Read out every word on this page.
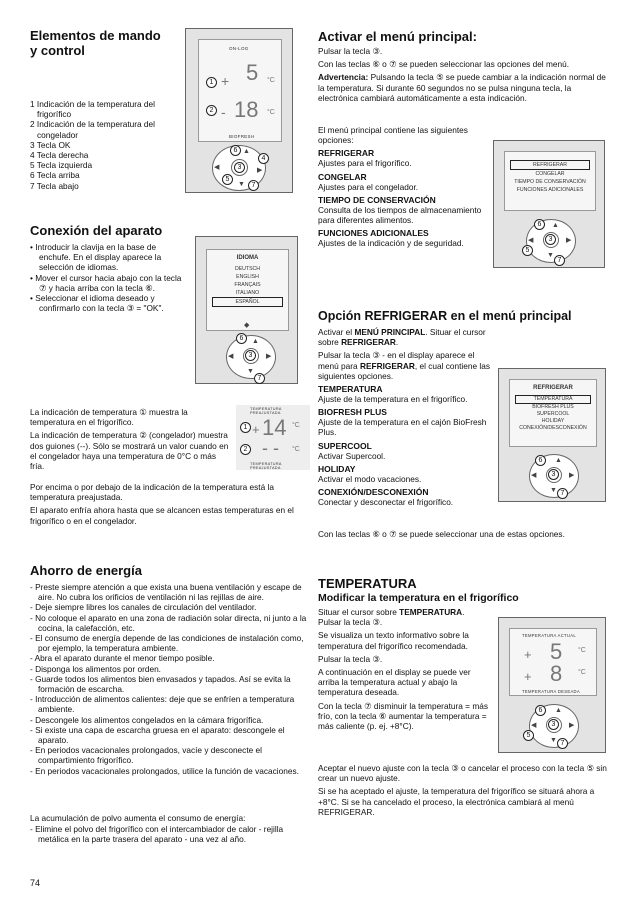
Elementos de mando
y control
1 Indicación de la temperatura del frigorífico
2 Indicación de la temperatura del congelador
3 Tecla OK
4 Tecla derecha
5 Tecla izquierda
6 Tecla arriba
7 Tecla abajo
ON-LOG
+ 5 °C
- 18 °C
BIOFRESH
1
2
3
6
4
5
7
▲
◀	▶
▼
Conexión del aparato
• Introducir la clavija en la base de enchufe. En el display aparece la selección de idiomas.
• Mover el cursor hacia abajo con la tecla ⑦ y hacia arriba con la tecla ⑥.
• Seleccionar el idioma deseado y confirmarlo con la tecla ③ = "OK".
IDIOMA
DEUTSCH
ENGLISH
FRANÇAIS
ITALIANO
ESPAÑOL
◆
3
6
7
▲
◀	▶
▼
La indicación de temperatura ① muestra la temperatura en el frigorífico.
La indicación de temperatura ② (congelador) muestra dos guiones (--). Sólo se mostrará un valor cuando en el congelador haya una temperatura de 0°C o más fría.
Por encima o por debajo de la indicación de la temperatura está la temperatura preajustada.
El aparato enfría ahora hasta que se alcancen estas temperaturas en el frigorífico o en el congelador.
TEMPERATURA PREAJUSTADA
1 + 14 °C
2 - - °C
TEMPERATURA PREAJUSTADA
Ahorro de energía
- Preste siempre atención a que exista una buena ventilación y escape de aire. No cubra los orificios de ventilación ni las rejillas de aire.
- Deje siempre libres los canales de circulación del ventilador.
- No coloque el aparato en una zona de radiación solar directa, ni junto a la cocina, la calefacción, etc.
- El consumo de energía depende de las condiciones de instalación como, por ejemplo, la temperatura ambiente.
- Abra el aparato durante el menor tiempo posible.
- Disponga los alimentos por orden.
- Guarde todos los alimentos bien envasados y tapados. Así se evita la formación de escarcha.
- Introducción de alimentos calientes: deje que se enfríen a temperatura ambiente.
- Descongele los alimentos congelados en la cámara frigorífica.
- Si existe una capa de escarcha gruesa en el aparato: descongele el aparato.
- En periodos vacacionales prolongados, vacíe y desconecte el compartimiento frigorífico.
- En periodos vacacionales prolongados, utilice la función de vacaciones.
La acumulación de polvo aumenta el consumo de energía:
- Elimine el polvo del frigorífico con el intercambiador de calor - rejilla metálica en la parte trasera del aparato - una vez al año.
74
Activar el menú principal:
Pulsar la tecla ③.
Con las teclas ⑥ o ⑦ se pueden seleccionar las opciones del menú.
Advertencia: Pulsando la tecla ⑤ se puede cambiar a la indicación normal de la temperatura. Si durante 60 segundos no se pulsa ninguna tecla, la electrónica cambiará automáticamente a esta indicación.
El menú principal contiene las siguientes opciones:
REFRIGERAR
Ajustes para el frigorífico.
CONGELAR
Ajustes para el congelador.
TIEMPO DE CONSERVACIÓN
Consulta de los tiempos de almacenamiento para diferentes alimentos.
FUNCIONES ADICIONALES
Ajustes de la indicación y de seguridad.
REFRIGERAR
CONGELAR
TIEMPO DE CONSERVACIÓN
FUNCIONES ADICIONALES
3
6
5
7
▲
◀	▶
▼
Opción REFRIGERAR en el menú principal
Activar el MENÚ PRINCIPAL. Situar el cursor sobre REFRIGERAR.
Pulsar la tecla ③ - en el display aparece el menú para REFRIGERAR, el cual contiene las siguientes opciones.
TEMPERATURA
Ajuste de la temperatura en el frigorífico.
BIOFRESH PLUS
Ajuste de la temperatura en el cajón BioFresh Plus.
SUPERCOOL
Activar Supercool.
HOLIDAY
Activar el modo vacaciones.
CONEXIÓN/DESCONEXIÓN
Conectar y desconectar el frigorífico.
Con las teclas ⑥ o ⑦ se puede seleccionar una de estas opciones.
REFRIGERAR
TEMPERATURA
BIOFRESH PLUS
SUPERCOOL
HOLIDAY
CONEXIÓN/DESCONEXIÓN
3
6
7
▲
◀	▶
▼
TEMPERATURA
Modificar la temperatura en el frigorífico
Situar el cursor sobre TEMPERATURA. Pulsar la tecla ③.
Se visualiza un texto informativo sobre la temperatura del frigorífico recomendada.
Pulsar la tecla ③.
A continuación en el display se puede ver arriba la temperatura actual y abajo la temperatura deseada.
Con la tecla ⑦ disminuir la temperatura = más frío, con la tecla ⑥ aumentar la temperatura = más caliente (p. ej. +8°C).
Aceptar el nuevo ajuste con la tecla ③ o cancelar el proceso con la tecla ⑤ sin crear un nuevo ajuste.
Si se ha aceptado el ajuste, la temperatura del frigorífico se situará ahora a +8°C. Si se ha cancelado el proceso, la electrónica cambiará al menú REFRIGERAR.
TEMPERATURA ACTUAL
+ 5 °C
+ 8 °C
TEMPERATURA DESEADA
3
6
5
7
▲
◀	▶
▼
